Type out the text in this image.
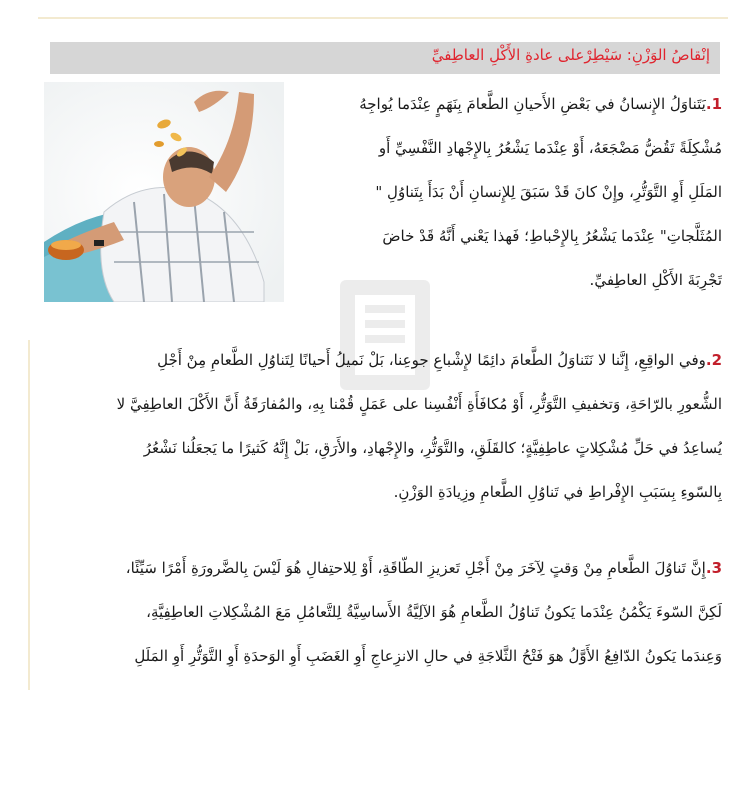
إنْقاصُ الوَزْنِ: سَيْطِرْعلى عادةِ الأَكْلِ العاطِفيِّ
1.يَتَناوَلُ الإِنسانُ في بَعْضِ الأَحيانِ الطَّعامَ بِنَهَمٍ عِنْدَما يُواجِهُ
مُشْكِلَةً تَقُضُّ مَضْجَعَهُ، أَوْ عِنْدَما يَشْعُرُ بِالإِجْهادِ النَّفْسِيِّ أَو
المَلَلِ أَوِ التَّوَتُّرِ، وإِنْ كانَ قَدْ سَبَقَ لِلإِنسانِ أَنْ بَدَأَ بِتَناوُلِ "
المُثَلَّجاتِ" عِنْدَما يَشْعُرُ بِالإِحْباطِ؛ فَهذا يَعْني أَنَّهُ قَدْ خاضَ
تَجْرِبَةَ الأَكْلِ العاطِفيِّ.
2.وفي الواقِعِ، إِنَّنا لا نَتَناوَلُ الطَّعامَ دائِمًا لإِشْباعِ جوعِنا، بَلْ نَميلُ أَحيانًا لِتَناوُلِ الطَّعامِ مِنْ أَجْلِ
الشُّعورِ بالرّاحَةِ، وَتخفيفِ التَّوَتُّرِ، أَوْ مُكافَأَةِ أَنْفُسِنا على عَمَلٍ قُمْنا بِهِ، والمُفارَقَةُ أَنَّ الأَكْلَ العاطِفِيَّ لا
يُساعِدُ في حَلِّ مُشْكِلاتٍ عاطِفِيَّةٍ؛ كالقَلَقِ، والتَّوَتُّرِ، والإِجْهادِ، والأَرَقِ، بَلْ إِنَّهُ كَثيرًا ما يَجعَلُنا نَشْعُرُ
بِالسّوءِ بِسَبَبِ الإِفْراطِ في تَناوُلِ الطَّعامِ وزِيادَةِ الوَزْنِ.
3.إِنَّ تَناوُلَ الطَّعامِ مِنْ وَقتٍ لِآخَرَ مِنْ أَجْلِ تَعزيزِ الطّاقَةِ، أَوْ لِلاحتِفالِ هُوَ لَيْسَ بِالضَّرورَةِ أَمْرًا سَيِّئًا،
لَكِنَّ السّوءَ يَكْمُنُ عِنْدَما يَكونُ تَناوُلُ الطَّعامِ هُوَ الآلِيَّةُ الأَساسِيَّةُ لِلتَّعامُلِ مَعَ المُشْكِلاتِ العاطِفِيَّةِ،
وَعِندَما يَكونُ الدّافِعُ الأَوَّلُ هوَ فَتْحُ الثَّلاجَةِ في حالِ الانزِعاجِ أَوِ الغَضَبِ أَوِ الوَحدَةِ أَوِ التَّوَتُّرِ أَوِ المَلَلِ
